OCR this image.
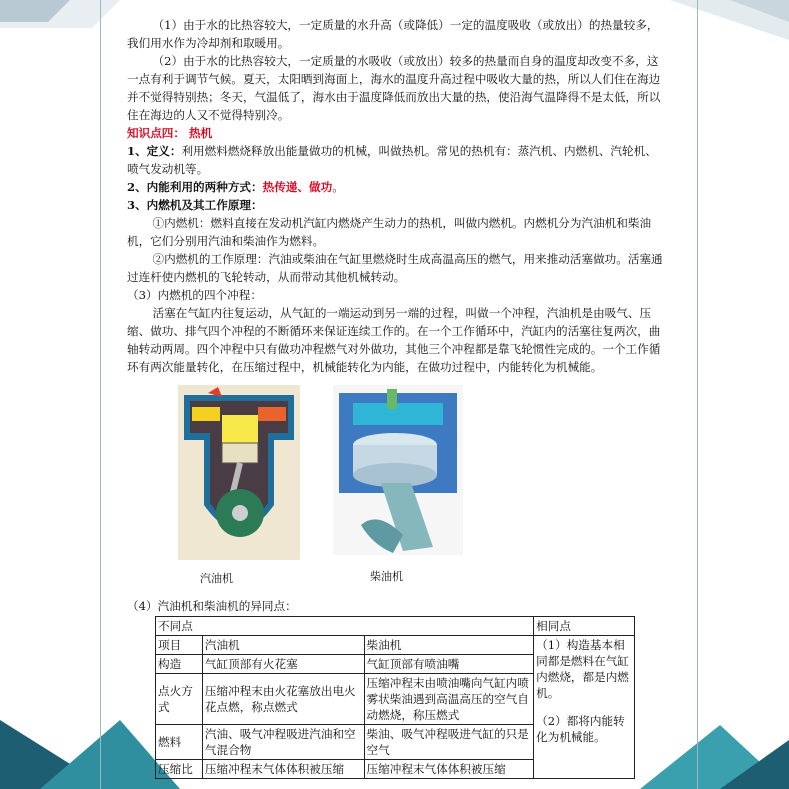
（1）由于水的比热容较大，一定质量的水升高（或降低）一定的温度吸收（或放出）的热量较多，我们用水作为冷却剂和取暖用。

（2）由于水的比热容较大，一定质量的水吸收（或放出）较多的热量而自身的温度却改变不多，这一点有利于调节气候。夏天，太阳晒到海面上，海水的温度升高过程中吸收大量的热，所以人们住在海边并不觉得特别热；冬天，气温低了，海水由于温度降低而放出大量的热，使沿海气温降得不是太低，所以住在海边的人又不觉得特别冷。

知识点四： 热机

1、定义：利用燃料燃烧释放出能量做功的机械，叫做热机。常见的热机有：蒸汽机、内燃机、汽轮机、喷气发动机等。

2、内能利用的两种方式：热传递、做功。

3、内燃机及其工作原理：

①内燃机：燃料直接在发动机汽缸内燃烧产生动力的热机，叫做内燃机。内燃机分为汽油机和柴油机，它们分别用汽油和柴油作为燃料。

②内燃机的工作原理：汽油或柴油在气缸里燃烧时生成高温高压的燃气，用来推动活塞做功。活塞通过连杆使内燃机的飞轮转动，从而带动其他机械转动。

（3）内燃机的四个冲程：

活塞在气缸内往复运动，从气缸的一端运动到另一端的过程，叫做一个冲程，汽油机是由吸气、压缩、做功、排气四个冲程的不断循环来保证连续工作的。在一个工作循环中，汽缸内的活塞往复两次，曲轴转动两周。四个冲程中只有做功冲程燃气对外做功，其他三个冲程都是靠飞轮惯性完成的。一个工作循环有两次能量转化，在压缩过程中，机械能转化为内能，在做功过程中，内能转化为机械能。

汽油机	柴油机
（4）汽油机和柴油机的异同点：
不同点			相同点
项目	汽油机	柴油机	（1）构造基本相同都是燃料在气缸内燃烧，都是内燃机。
（2）都将内能转化为机械能。

构造	气缸顶部有火花塞	气缸顶部有喷油嘴	
点火方式	压缩冲程末由火花塞放出电火花点燃，称点燃式	压缩冲程末由喷油嘴向气缸内喷雾状柴油遇到高温高压的空气自动燃烧，称压燃式	
燃料	汽油、吸气冲程吸进汽油和空气混合物	柴油、吸气冲程吸进气缸的只是空气	
压缩比	压缩冲程末气体体积被压缩	压缩冲程末气体体积被压缩	
